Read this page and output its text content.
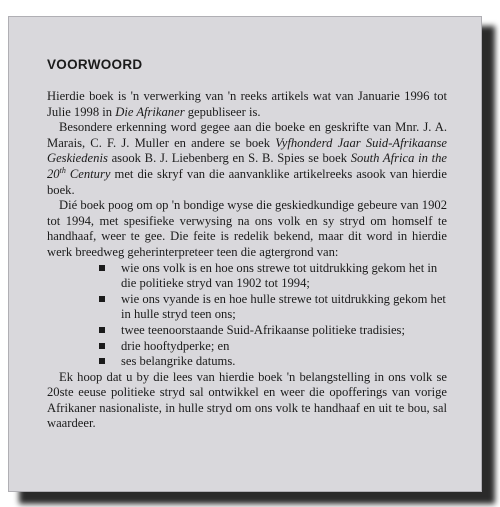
VOORWOORD

Hierdie boek is 'n verwerking van 'n reeks artikels wat van Januarie 1996 tot Julie 1998 in Die Afrikaner gepubliseer is.

Besondere erkenning word gegee aan die boeke en geskrifte van Mnr. J. A. Marais, C. F. J. Muller en andere se boek Vyfhonderd Jaar Suid-Afrikaanse Geskiedenis asook B. J. Liebenberg en S. B. Spies se boek South Africa in the 20th Century met die skryf van die aanvanklike artikelreeks asook van hierdie boek.

Dié boek poog om op 'n bondige wyse die geskiedkundige gebeure van 1902 tot 1994, met spesifieke verwysing na ons volk en sy stryd om homself te handhaaf, weer te gee. Die feite is redelik bekend, maar dit word in hierdie werk breedweg geherinterpreteer teen die agtergrond van:

wie ons volk is en hoe ons strewe tot uitdrukking gekom het in die politieke stryd van 1902 tot 1994;
wie ons vyande is en hoe hulle strewe tot uitdrukking gekom het in hulle stryd teen ons;
twee teenoorstaande Suid-Afrikaanse politieke tradisies;
drie hooftydperke; en
ses belangrike datums.

Ek hoop dat u by die lees van hierdie boek 'n belangstelling in ons volk se 20ste eeuse politieke stryd sal ontwikkel en weer die opofferings van vorige Afrikaner nasionaliste, in hulle stryd om ons volk te handhaaf en uit te bou, sal waardeer.
